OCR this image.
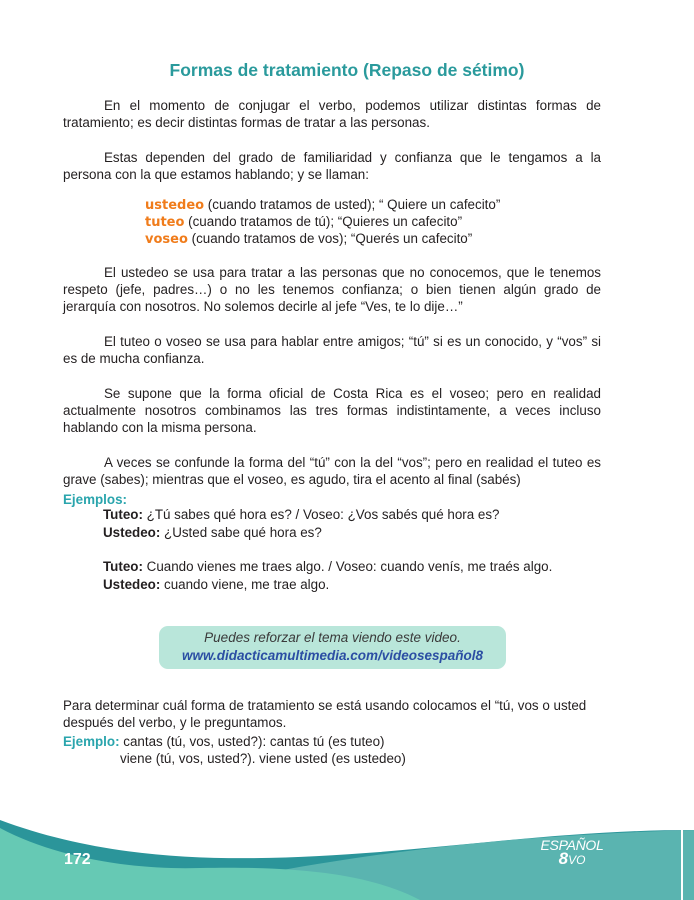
Formas de tratamiento (Repaso de sétimo)

En el momento de conjugar el verbo, podemos utilizar distintas formas de tratamiento; es decir distintas formas de tratar a las personas.

Estas dependen del grado de familiaridad y confianza que le tengamos a la persona con la que estamos hablando; y se llaman:

ustedeo (cuando tratamos de usted); “ Quiere un cafecito”
tuteo (cuando tratamos de tú); “Quieres un cafecito”
voseo (cuando tratamos de vos); “Querés un cafecito”

El ustedeo se usa para tratar a las personas que no conocemos, que le tenemos respeto (jefe, padres…) o no les tenemos confianza; o bien tienen algún grado de jerarquía con nosotros. No solemos decirle al jefe “Ves, te lo dije…”

El tuteo o voseo se usa para hablar entre amigos; “tú” si es un conocido, y “vos” si es de mucha confianza.

Se supone que la forma oficial de Costa Rica es el voseo; pero en realidad actualmente nosotros combinamos las tres formas indistintamente, a veces incluso hablando con la misma persona.

A veces se confunde la forma del “tú” con la del “vos”; pero en realidad el tuteo es grave (sabes); mientras que el voseo, es agudo, tira el acento al final (sabés)

Ejemplos:
Tuteo: ¿Tú sabes qué hora es? / Voseo: ¿Vos sabés qué hora es?
Ustedeo: ¿Usted sabe qué hora es?
Tuteo: Cuando vienes me traes algo. / Voseo: cuando venís, me traés algo.
Ustedeo: cuando viene, me trae algo.
Puedes reforzar el tema viendo este video.
www.didacticamultimedia.com/videosespañol8

Para determinar cuál forma de tratamiento se está usando colocamos el “tú, vos o usted después del verbo, y le preguntamos.

Ejemplo: cantas (tú, vos, usted?): cantas tú (es tuteo)
viene (tú, vos, usted?). viene usted (es ustedeo)
172
ESPAÑOL
8VO
